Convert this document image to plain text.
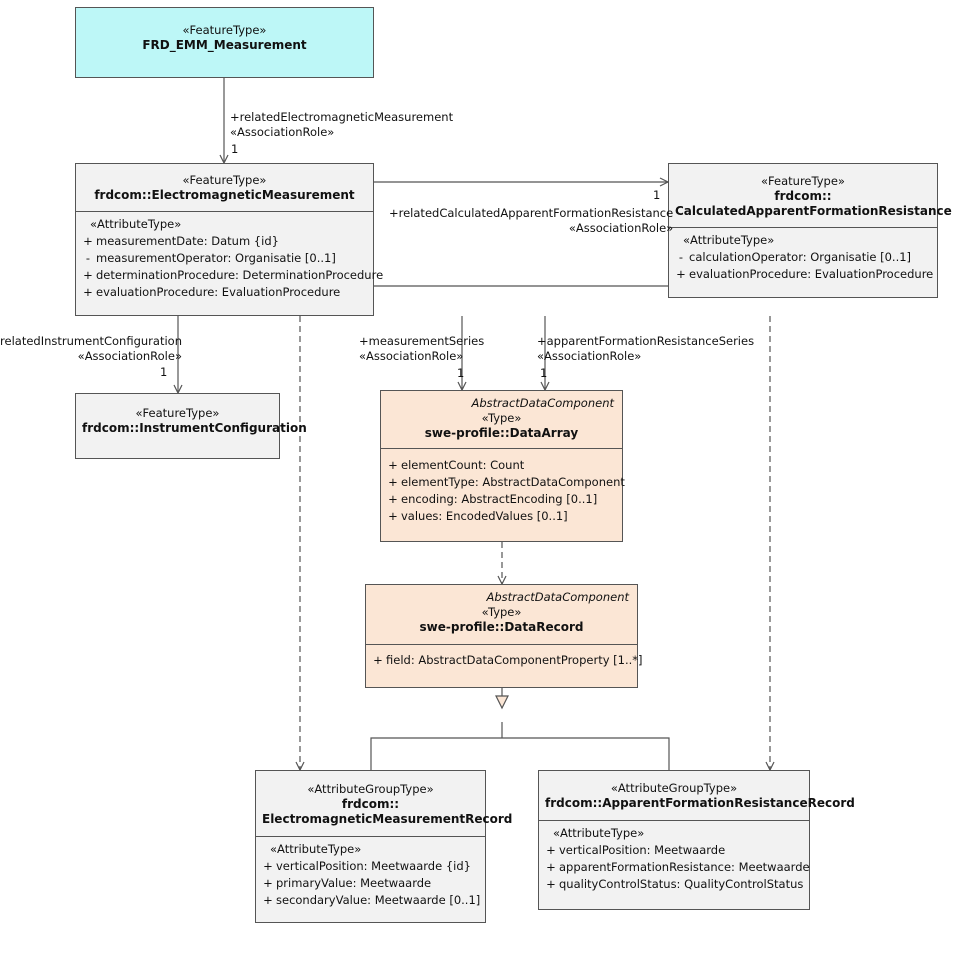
«FeatureType»
FRD_EMM_Measurement
«FeatureType»
frdcom::ElectromagneticMeasurement
«AttributeType»
+ measurementDate: Datum {id}
- measurementOperator: Organisatie [0..1]
+ determinationProcedure: DeterminationProcedure
+ evaluationProcedure: EvaluationProcedure
«FeatureType»
frdcom::
CalculatedApparentFormationResistance
«AttributeType»
- calculationOperator: Organisatie [0..1]
+ evaluationProcedure: EvaluationProcedure
«FeatureType»
frdcom::InstrumentConfiguration
AbstractDataComponent
«Type»
swe-profile::DataArray
+ elementCount: Count
+ elementType: AbstractDataComponent
+ encoding: AbstractEncoding [0..1]
+ values: EncodedValues [0..1]
AbstractDataComponent
«Type»
swe-profile::DataRecord
+ field: AbstractDataComponentProperty [1..*]
«AttributeGroupType»
frdcom::
ElectromagneticMeasurementRecord
«AttributeType»
+ verticalPosition: Meetwaarde {id}
+ primaryValue: Meetwaarde
+ secondaryValue: Meetwaarde [0..1]
«AttributeGroupType»
frdcom::ApparentFormationResistanceRecord
«AttributeType»
+ verticalPosition: Meetwaarde
+ apparentFormationResistance: Meetwaarde
+ qualityControlStatus: QualityControlStatus
+relatedElectromagneticMeasurement
«AssociationRole»
1
+relatedCalculatedApparentFormationResistance
«AssociationRole»
1
relatedInstrumentConfiguration
«AssociationRole»
1
+measurementSeries
«AssociationRole»
1
+apparentFormationResistanceSeries
«AssociationRole»
1
